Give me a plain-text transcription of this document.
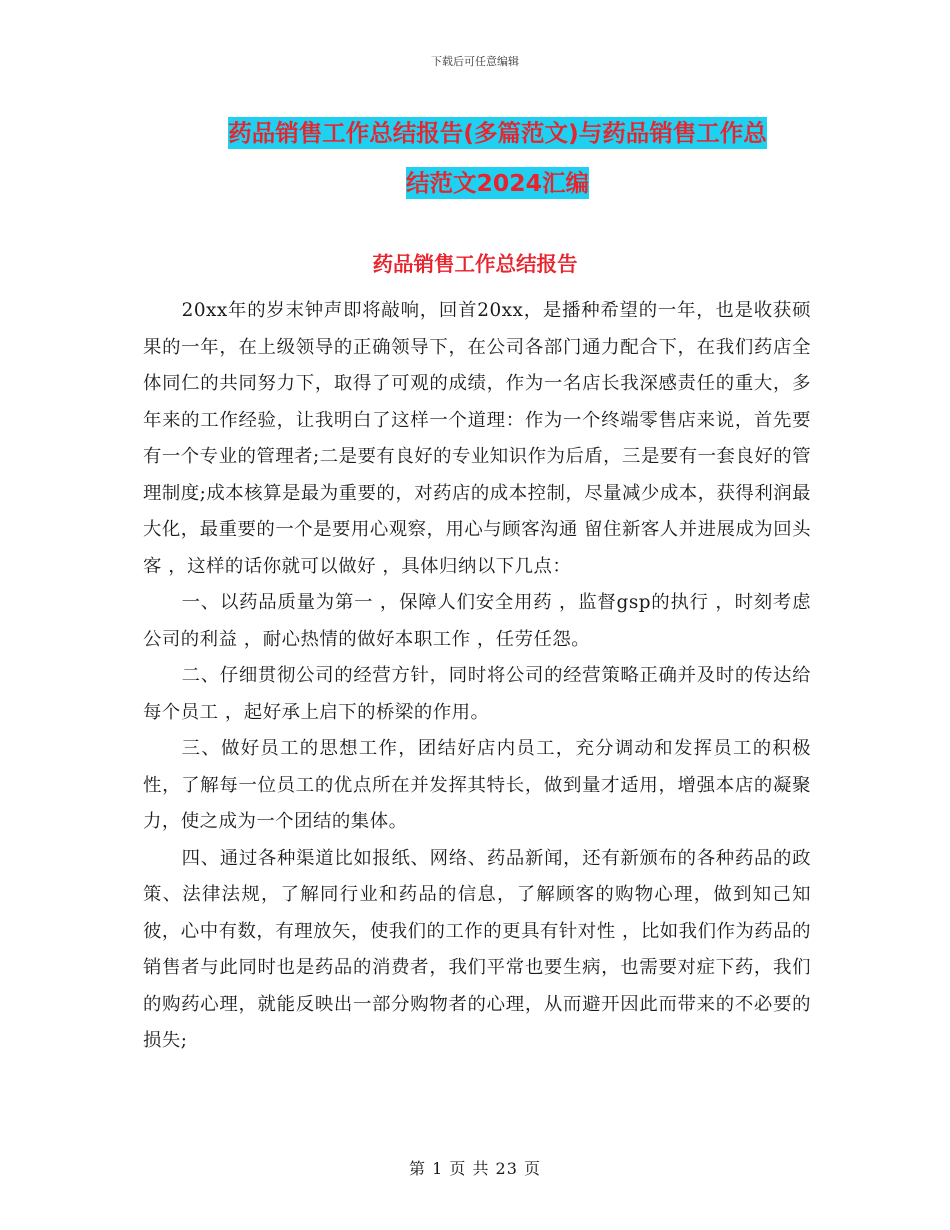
下载后可任意编辑
药品销售工作总结报告(多篇范文)与药品销售工作总
结范文2024汇编
药品销售工作总结报告

20xx年的岁末钟声即将敲响，回首20xx，是播种希望的一年，也是收获硕果的一年，在上级领导的正确领导下，在公司各部门通力配合下，在我们药店全体同仁的共同努力下，取得了可观的成绩，作为一名店长我深感责任的重大，多年来的工作经验，让我明白了这样一个道理：作为一个终端零售店来说，首先要有一个专业的管理者;二是要有良好的专业知识作为后盾，三是要有一套良好的管理制度;成本核算是最为重要的，对药店的成本控制，尽量减少成本，获得利润最大化，最重要的一个是要用心观察，用心与顾客沟通 留住新客人并进展成为回头客 ，这样的话你就可以做好 ，具体归纳以下几点：

一、以药品质量为第一 ，保障人们安全用药 ，监督gsp的执行 ，时刻考虑公司的利益 ，耐心热情的做好本职工作 ，任劳任怨。

二、仔细贯彻公司的经营方针，同时将公司的经营策略正确并及时的传达给每个员工 ，起好承上启下的桥梁的作用。

三、做好员工的思想工作，团结好店内员工，充分调动和发挥员工的积极性，了解每一位员工的优点所在并发挥其特长，做到量才适用，增强本店的凝聚力，使之成为一个团结的集体。

四、通过各种渠道比如报纸、网络、药品新闻，还有新颁布的各种药品的政策、法律法规，了解同行业和药品的信息，了解顾客的购物心理，做到知己知彼，心中有数，有理放矢，使我们的工作的更具有针对性 ，比如我们作为药品的销售者与此同时也是药品的消费者，我们平常也要生病，也需要对症下药，我们的购药心理，就能反映出一部分购物者的心理，从而避开因此而带来的不必要的损失;

第 1 页 共 23 页
